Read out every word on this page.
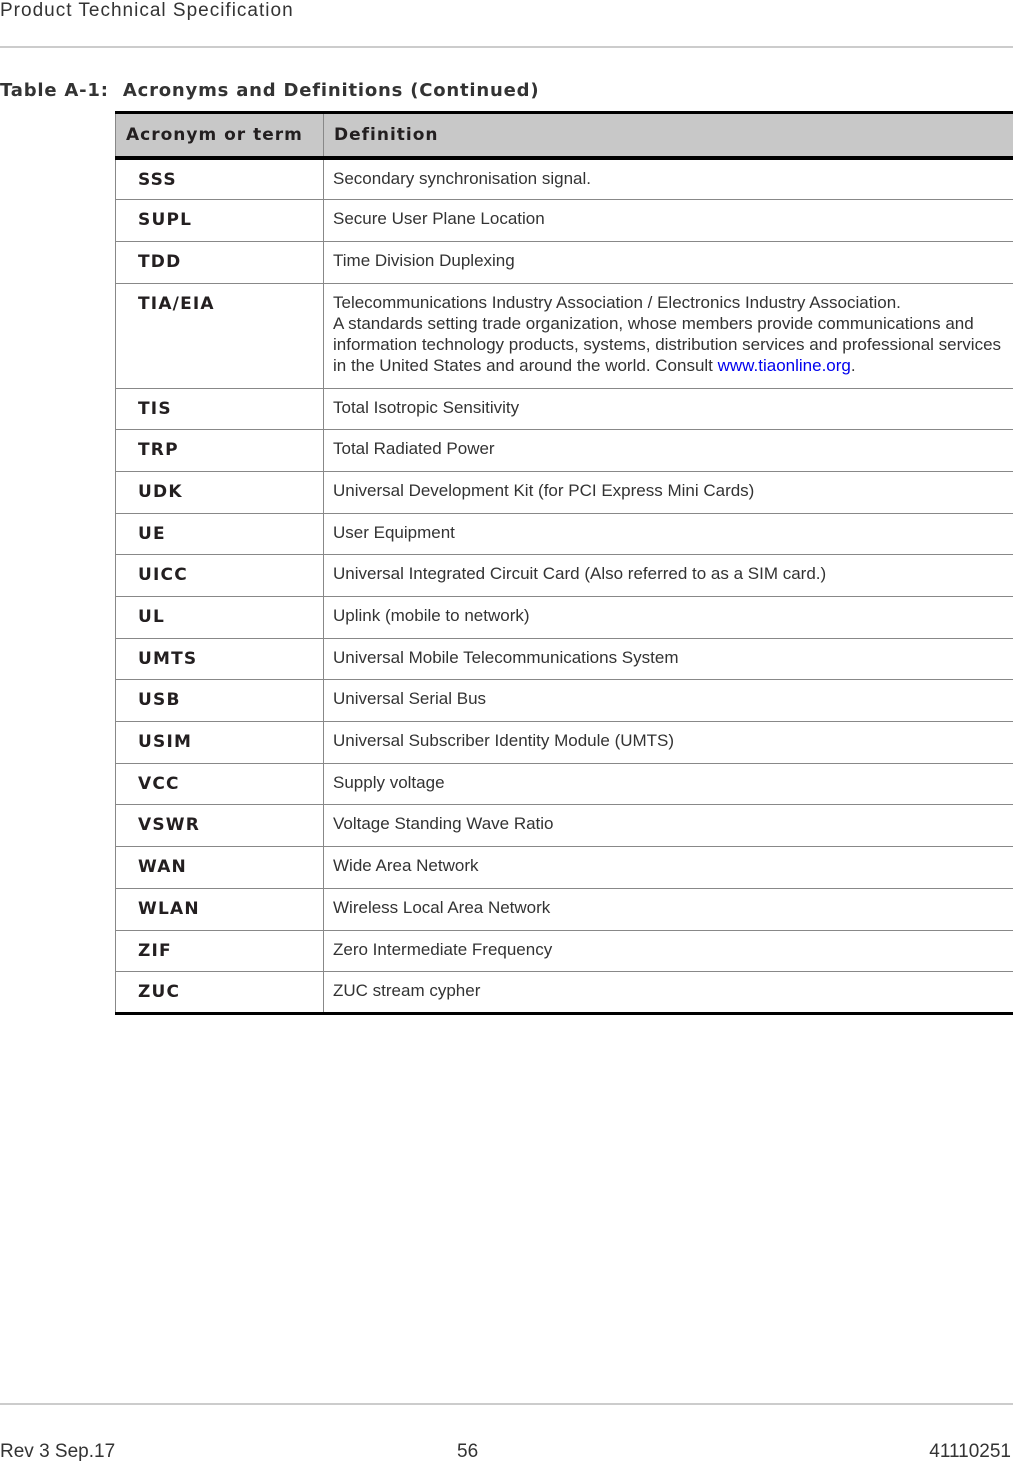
Product Technical Specification
Table A-1:  Acronyms and Definitions (Continued)
Acronym or term	Definition
SSS	Secondary synchronisation signal.
SUPL	Secure User Plane Location
TDD	Time Division Duplexing
TIA/EIA	Telecommunications Industry Association / Electronics Industry Association.
A standards setting trade organization, whose members provide communications and information technology products, systems, distribution services and professional services in the United States and around the world. Consult www.tiaonline.org.
TIS	Total Isotropic Sensitivity
TRP	Total Radiated Power
UDK	Universal Development Kit (for PCI Express Mini Cards)
UE	User Equipment
UICC	Universal Integrated Circuit Card (Also referred to as a SIM card.)
UL	Uplink (mobile to network)
UMTS	Universal Mobile Telecommunications System
USB	Universal Serial Bus
USIM	Universal Subscriber Identity Module (UMTS)
VCC	Supply voltage
VSWR	Voltage Standing Wave Ratio
WAN	Wide Area Network
WLAN	Wireless Local Area Network
ZIF	Zero Intermediate Frequency
ZUC	ZUC stream cypher
Rev 3 Sep.17	56	41110251
